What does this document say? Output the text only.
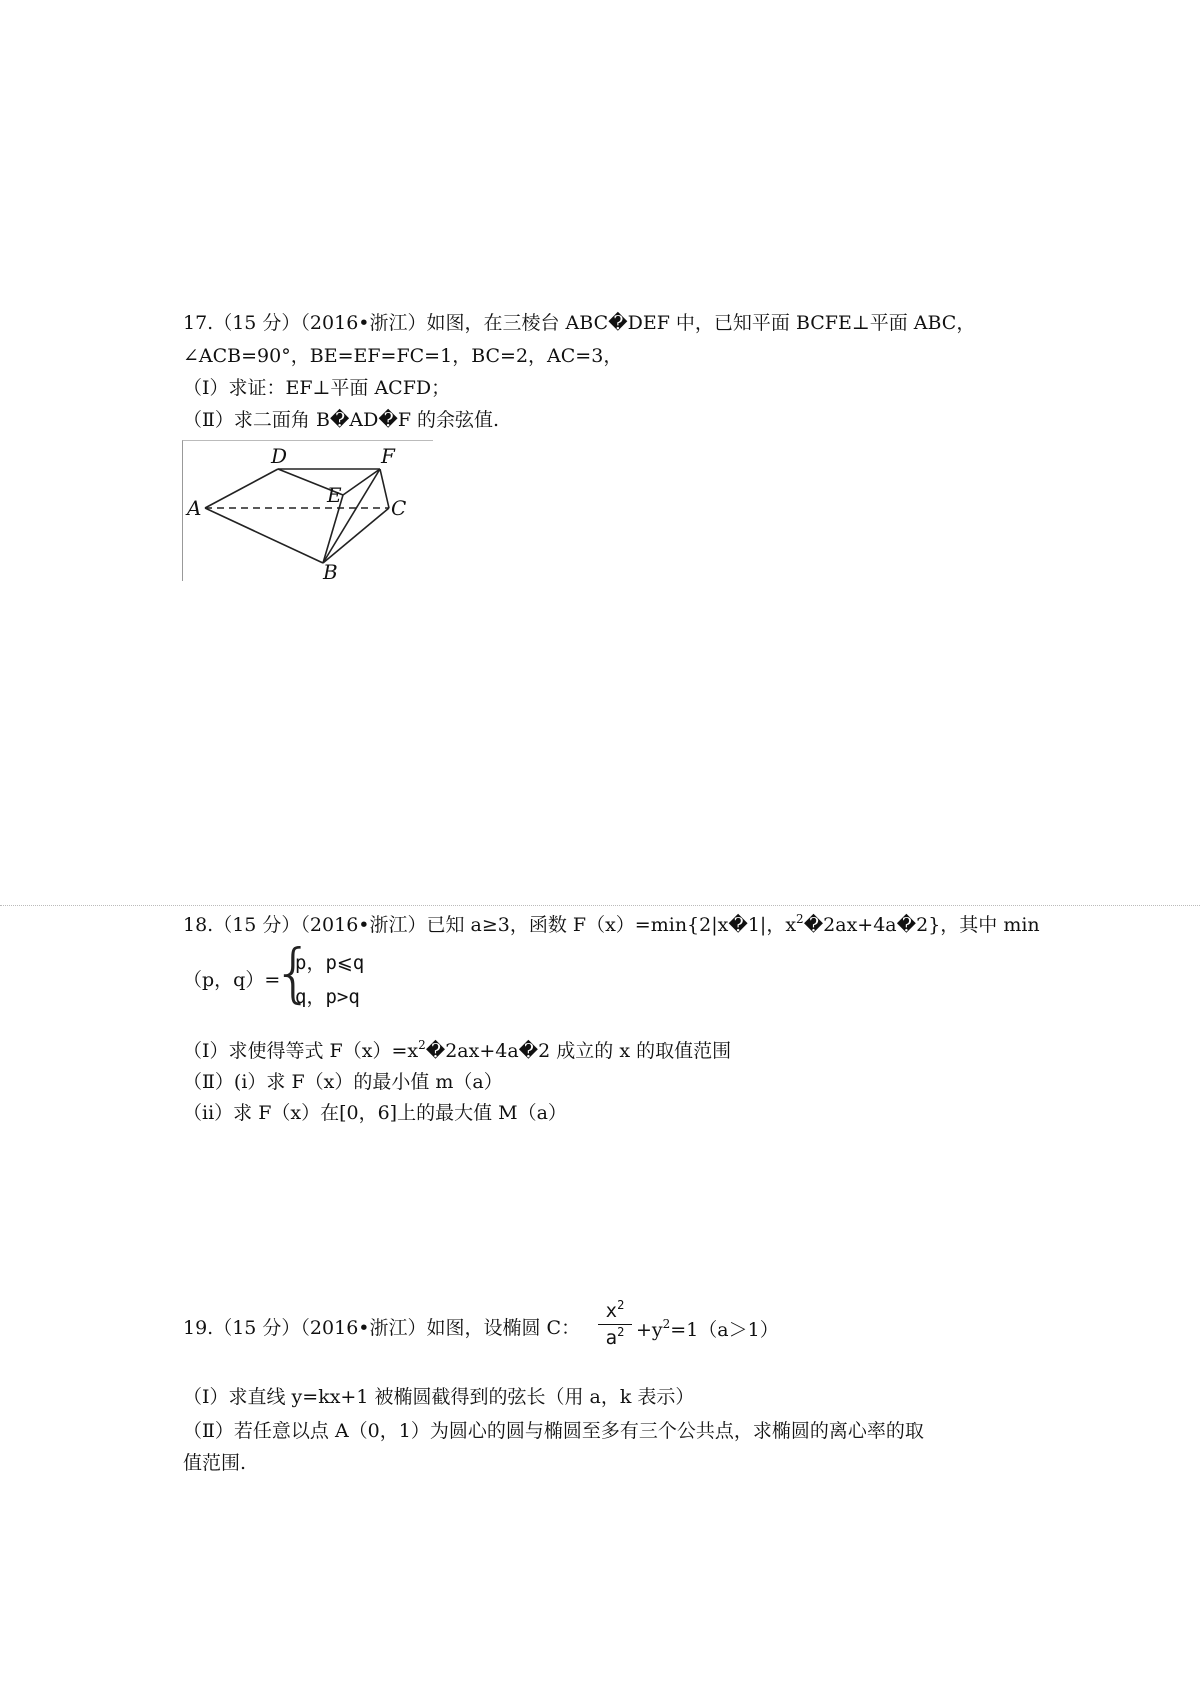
17.（15 分）（2016•浙江）如图，在三棱台 ABC�DEF 中，已知平面 BCFE⊥平面 ABC，
∠ACB=90°，BE=EF=FC=1，BC=2，AC=3，
（Ⅰ）求证：EF⊥平面 ACFD；
（Ⅱ）求二面角 B�AD�F 的余弦值.
A
B
C
D
E
F
18.（15 分）（2016•浙江）已知 a≥3，函数 F（x）=min{2|x�1|，$x^2�2ax+4a�2$}，其中 min
（p，q）=
{
p，p⩽q
q，p>q
（Ⅰ）求使得等式 $F(x)=x^2�2ax+4a�2$ 成立的 x 的取值范围
（Ⅱ）(i）求 F（x）的最小值 m（a）
（ii）求 F（x）在[0，6]上的最大值 M（a）
19.（15 分）（2016•浙江）如图，设椭圆 C：
$x^2$
$a^2 +y^2=1(a>1)$
（Ⅰ）求直线 y=kx+1 被椭圆截得到的弦长（用 a，k 表示）
（Ⅱ）若任意以点 A（0，1）为圆心的圆与椭圆至多有三个公共点，求椭圆的离心率的取
值范围.
